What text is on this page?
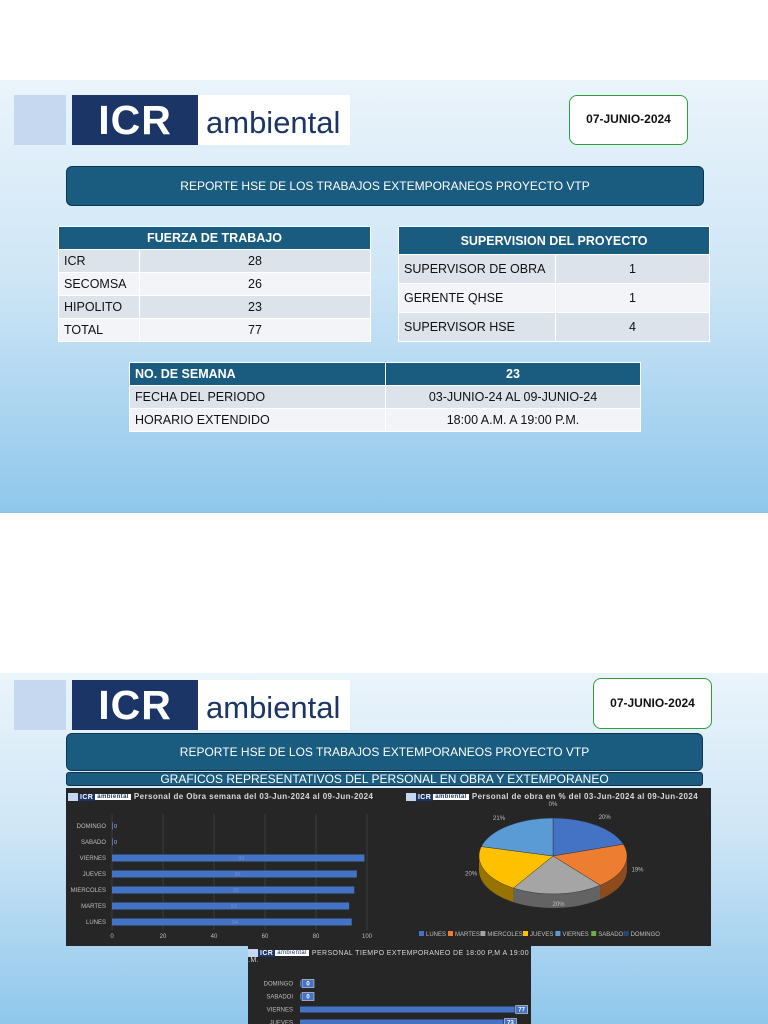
ICR	ambiental	07-JUNIO-2024
REPORTE HSE DE LOS TRABAJOS EXTEMPORANEOS PROYECTO VTP
FUERZA DE TRABAJO	
ICR	28
SECOMSA	26
HIPOLITO	23
TOTAL	77
SUPERVISION DEL PROYECTO	
SUPERVISOR DE OBRA	1
GERENTE QHSE	1
SUPERVISOR HSE	4
NO. DE SEMANA	23
FECHA DEL PERIODO	03-JUNIO-24 AL 09-JUNIO-24
HORARIO EXTENDIDO	18:00 A.M. A 19:00 P.M.
ICR	ambiental	07-JUNIO-2024
REPORTE HSE DE LOS TRABAJOS EXTEMPORANEOS PROYECTO VTP
GRAFICOS REPRESENTATIVOS DEL PERSONAL EN OBRA Y EXTEMPORANEO
ICR ambiental Personal de Obra semana del 03-Jun-2024 al 09-Jun-2024
0	20	40	60	80	100
DOMINGO 0
SABADO 0
VIERNES	99
JUEVES	96
MIERCOLES	95
MARTES	93
LUNES	94
ICR ambiental Personal de obra en % del 03-Jun-2024 al 09-Jun-2024
20%
19%
20%
20%
21%
0%
LUNES MARTES MIERCOLES JUEVES VIERNES SABADO DOMINGO
ICR ambiental PERSONAL TIEMPO EXTEMPORANEO DE 18:00 P,M A 19:00 .M.
DOMINGO 0
SABADOI 0
VIERNES	77
JUEVES	73
